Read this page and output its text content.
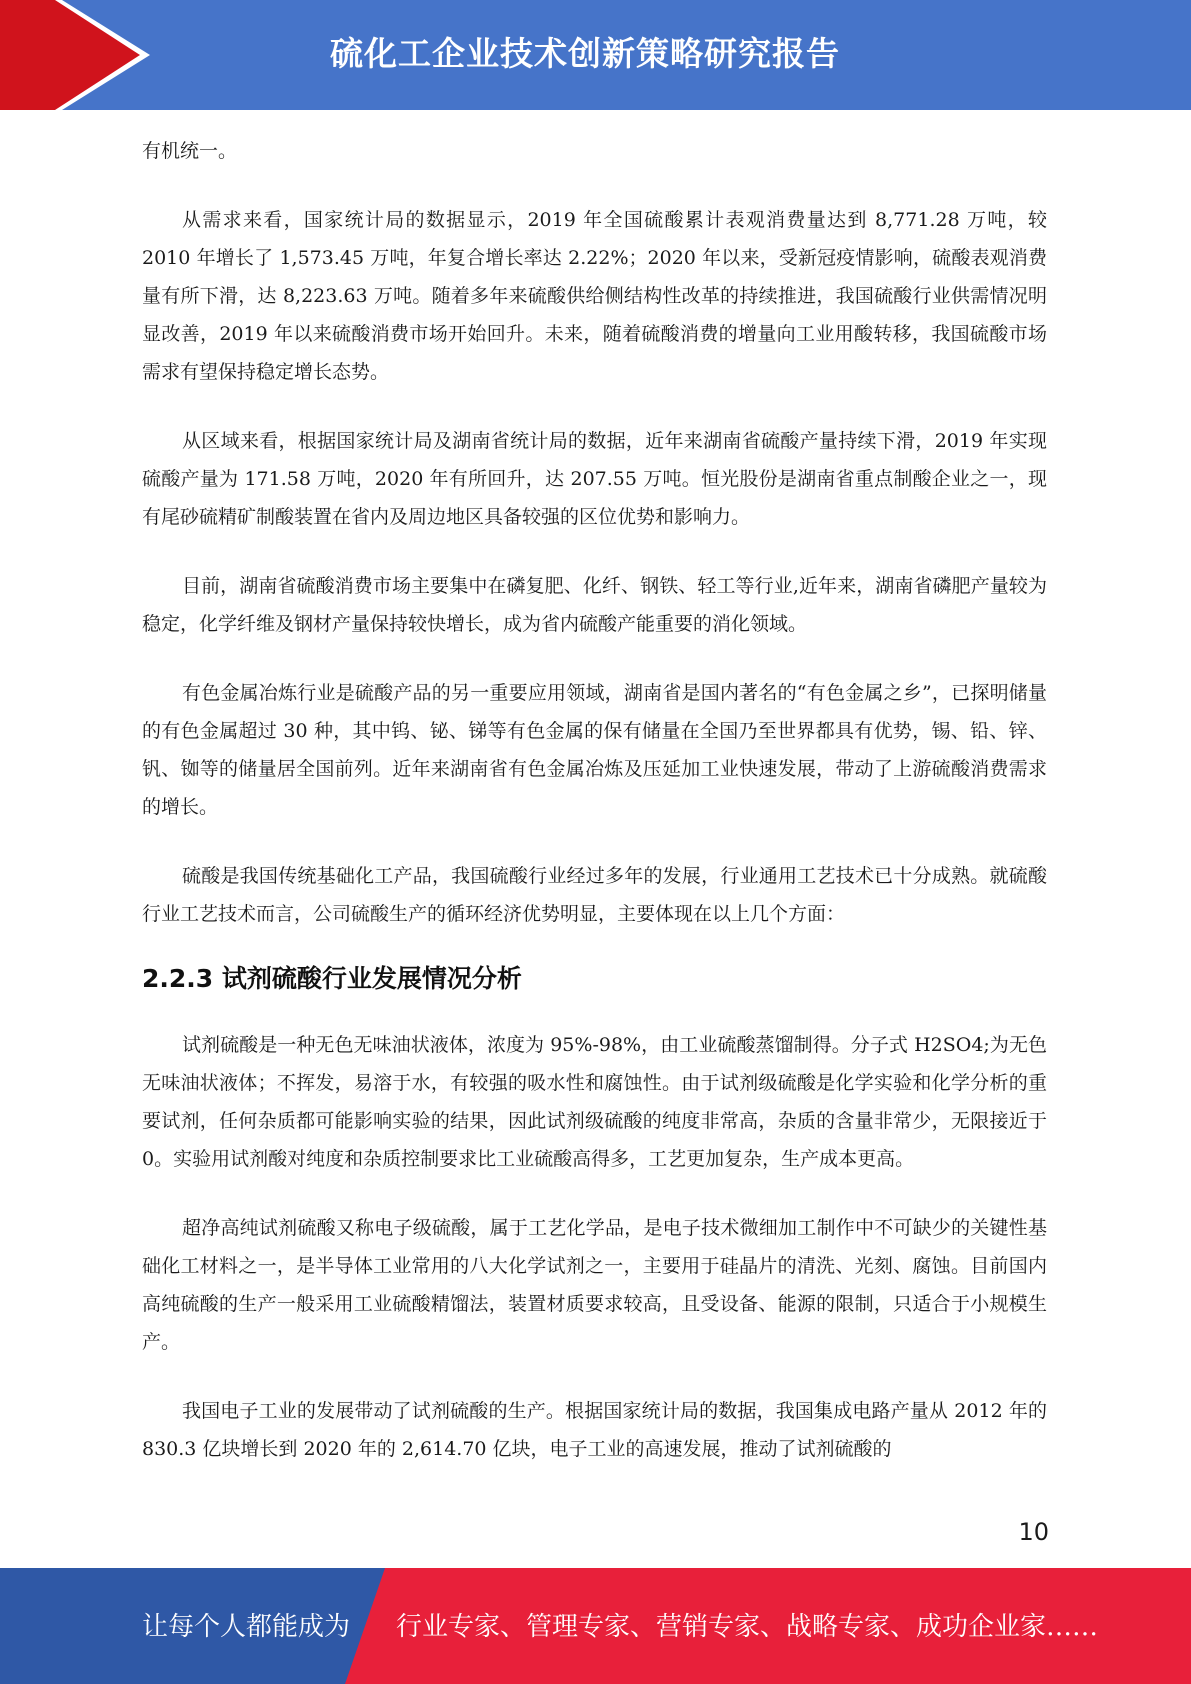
硫化工企业技术创新策略研究报告

有机统一。

从需求来看，国家统计局的数据显示，2019 年全国硫酸累计表观消费量达到 8,771.28 万吨，较 2010 年增长了 1,573.45 万吨，年复合增长率达 2.22%；2020 年以来，受新冠疫情影响，硫酸表观消费量有所下滑，达 8,223.63 万吨。随着多年来硫酸供给侧结构性改革的持续推进，我国硫酸行业供需情况明显改善，2019 年以来硫酸消费市场开始回升。未来，随着硫酸消费的增量向工业用酸转移，我国硫酸市场需求有望保持稳定增长态势。

从区域来看，根据国家统计局及湖南省统计局的数据，近年来湖南省硫酸产量持续下滑，2019 年实现硫酸产量为 171.58 万吨，2020 年有所回升，达 207.55 万吨。恒光股份是湖南省重点制酸企业之一，现有尾砂硫精矿制酸装置在省内及周边地区具备较强的区位优势和影响力。

目前，湖南省硫酸消费市场主要集中在磷复肥、化纤、钢铁、轻工等行业,近年来，湖南省磷肥产量较为稳定，化学纤维及钢材产量保持较快增长，成为省内硫酸产能重要的消化领域。

有色金属冶炼行业是硫酸产品的另一重要应用领域，湖南省是国内著名的“有色金属之乡”，已探明储量的有色金属超过 30 种，其中钨、铋、锑等有色金属的保有储量在全国乃至世界都具有优势，锡、铅、锌、钒、铷等的储量居全国前列。近年来湖南省有色金属冶炼及压延加工业快速发展，带动了上游硫酸消费需求的增长。

硫酸是我国传统基础化工产品，我国硫酸行业经过多年的发展，行业通用工艺技术已十分成熟。就硫酸行业工艺技术而言，公司硫酸生产的循环经济优势明显，主要体现在以上几个方面：

2.2.3 试剂硫酸行业发展情况分析

试剂硫酸是一种无色无味油状液体，浓度为 95%-98%，由工业硫酸蒸馏制得。分子式 H2SO4;为无色无味油状液体；不挥发，易溶于水，有较强的吸水性和腐蚀性。由于试剂级硫酸是化学实验和化学分析的重要试剂，任何杂质都可能影响实验的结果，因此试剂级硫酸的纯度非常高，杂质的含量非常少，无限接近于 0。实验用试剂酸对纯度和杂质控制要求比工业硫酸高得多，工艺更加复杂，生产成本更高。

超净高纯试剂硫酸又称电子级硫酸，属于工艺化学品，是电子技术微细加工制作中不可缺少的关键性基础化工材料之一，是半导体工业常用的八大化学试剂之一，主要用于硅晶片的清洗、光刻、腐蚀。目前国内高纯硫酸的生产一般采用工业硫酸精馏法，装置材质要求较高，且受设备、能源的限制，只适合于小规模生产。

我国电子工业的发展带动了试剂硫酸的生产。根据国家统计局的数据，我国集成电路产量从 2012 年的 830.3 亿块增长到 2020 年的 2,614.70 亿块，电子工业的高速发展，推动了试剂硫酸的

10
让每个人都能成为 行业专家、管理专家、营销专家、战略专家、成功企业家……
